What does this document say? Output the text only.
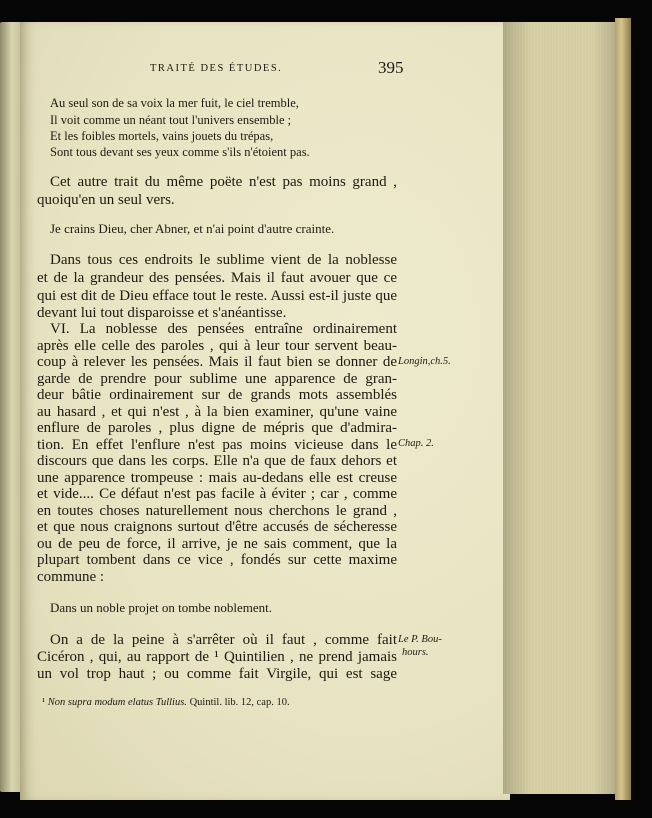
TRAITÉ DES ÉTUDES.	395
Au seul son de sa voix la mer fuit, le ciel tremble,
Il voit comme un néant tout l'univers ensemble ;
Et les foibles mortels, vains jouets du trépas,
Sont tous devant ses yeux comme s'ils n'étoient pas.
Cet autre trait du même poëte n'est pas moins grand ,
quoiqu'en un seul vers.
Je crains Dieu, cher Abner, et n'ai point d'autre crainte.
Dans tous ces endroits le sublime vient de la noblesse
et de la grandeur des pensées. Mais il faut avouer que ce
qui est dit de Dieu efface tout le reste. Aussi est-il juste que
devant lui tout disparoisse et s'anéantisse.
VI. La noblesse des pensées entraîne ordinairement
après elle celle des paroles , qui à leur tour servent beau-
coup à relever les pensées. Mais il faut bien se donner de
garde de prendre pour sublime une apparence de gran-
deur bâtie ordinairement sur de grands mots assemblés
au hasard , et qui n'est , à la bien examiner, qu'une vaine
enflure de paroles , plus digne de mépris que d'admira-
tion. En effet l'enflure n'est pas moins vicieuse dans le
discours que dans les corps. Elle n'a que de faux dehors et
une apparence trompeuse : mais au-dedans elle est creuse
et vide.... Ce défaut n'est pas facile à éviter ; car , comme
en toutes choses naturellement nous cherchons le grand ,
et que nous craignons surtout d'être accusés de sécheresse
ou de peu de force, il arrive, je ne sais comment, que la
plupart tombent dans ce vice , fondés sur cette maxime
commune :
Dans un noble projet on tombe noblement.
On a de la peine à s'arrêter où il faut , comme fait
Cicéron , qui, au rapport de ¹ Quintilien , ne prend jamais
un vol trop haut ; ou comme fait Virgile, qui est sage
Longin,ch.5.
Chap. 2.
Le P. Bou-
hours.
¹ Non supra modum elatus Tullius. Quintil. lib. 12, cap. 10.
